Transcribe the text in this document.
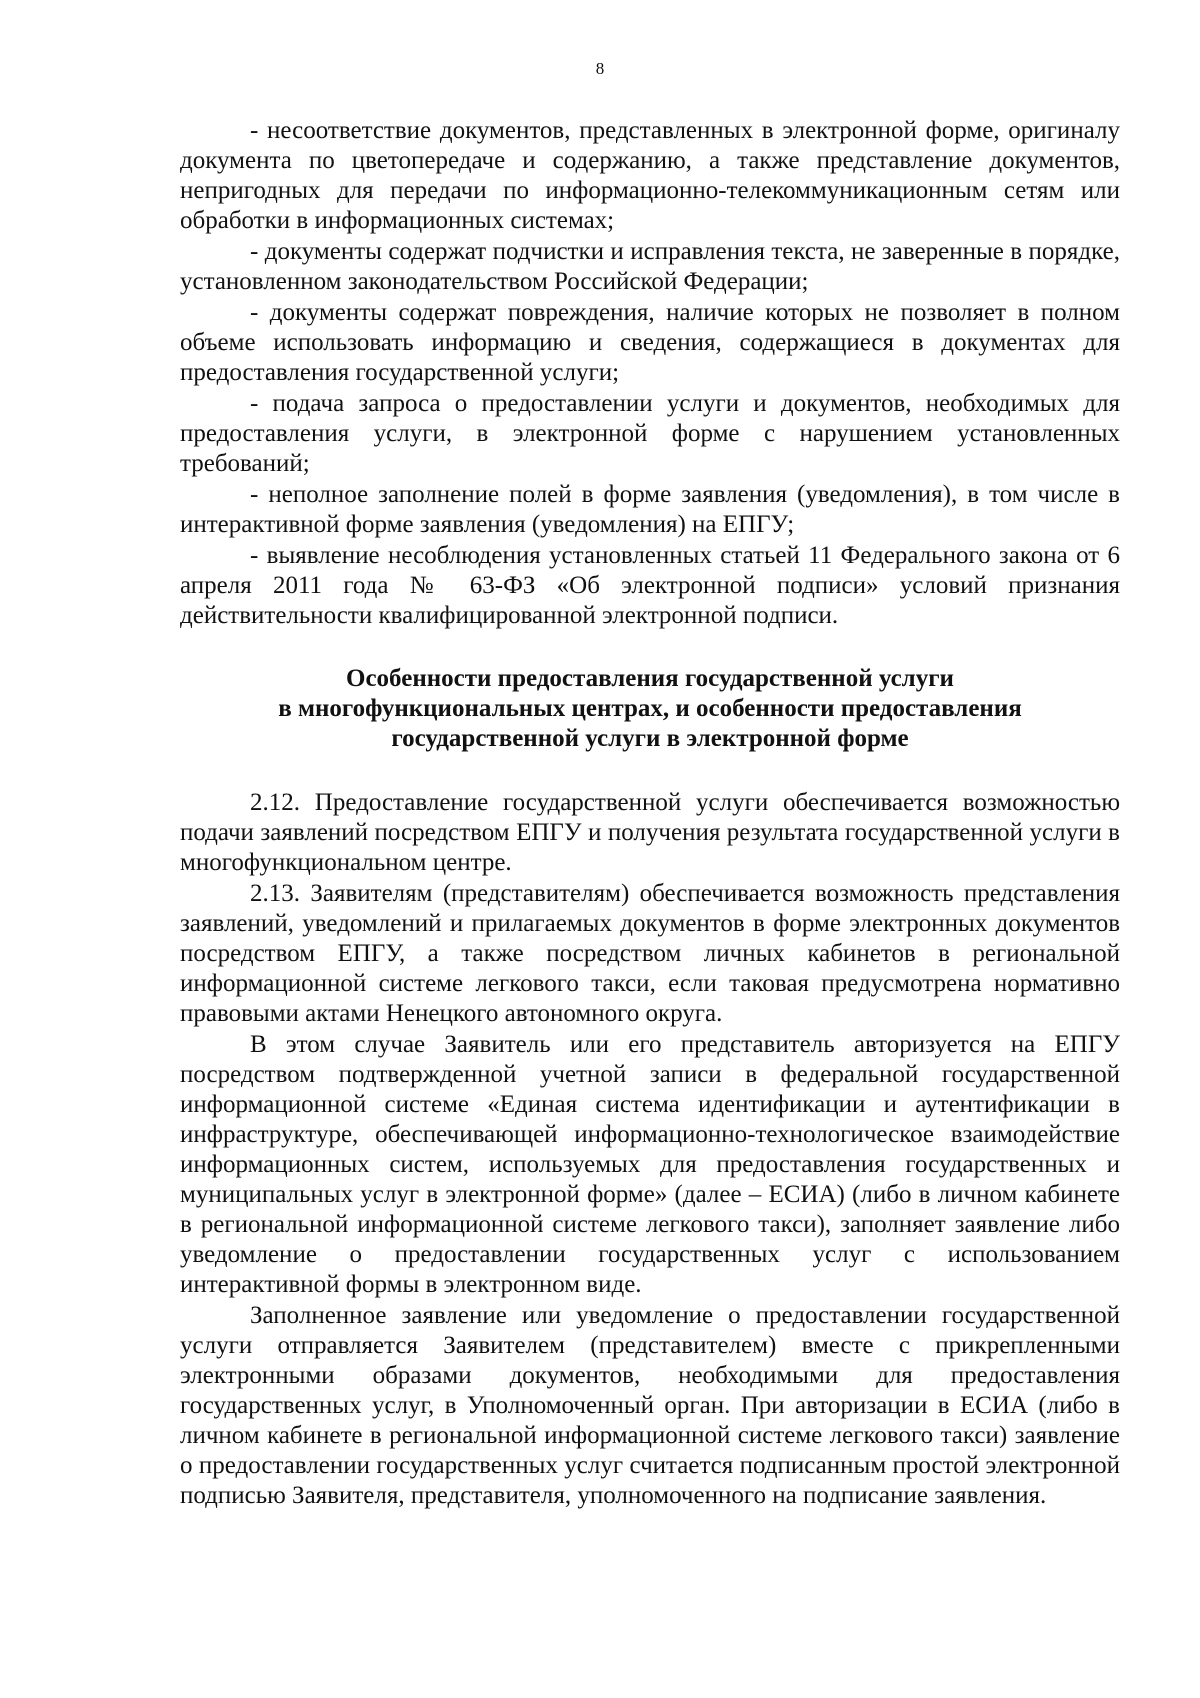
8

- несоответствие документов, представленных в электронной форме, оригиналу документа по цветопередаче и содержанию, а также представление документов, непригодных для передачи по информационно-телекоммуникационным сетям или обработки в информационных системах;

- документы содержат подчистки и исправления текста, не заверенные в порядке, установленном законодательством Российской Федерации;

- документы содержат повреждения, наличие которых не позволяет в полном объеме использовать информацию и сведения, содержащиеся в документах для предоставления государственной услуги;

- подача запроса о предоставлении услуги и документов, необходимых для предоставления услуги, в электронной форме с нарушением установленных требований;

- неполное заполнение полей в форме заявления (уведомления), в том числе в интерактивной форме заявления (уведомления) на ЕПГУ;

- выявление несоблюдения установленных статьей 11 Федерального закона от 6 апреля 2011 года № 63-ФЗ «Об электронной подписи» условий признания действительности квалифицированной электронной подписи.

Особенности предоставления государственной услуги
в многофункциональных центрах, и особенности предоставления
государственной услуги в электронной форме

2.12. Предоставление государственной услуги обеспечивается возможностью подачи заявлений посредством ЕПГУ и получения результата государственной услуги в многофункциональном центре.

2.13. Заявителям (представителям) обеспечивается возможность представления заявлений, уведомлений и прилагаемых документов в форме электронных документов посредством ЕПГУ, а также посредством личных кабинетов в региональной информационной системе легкового такси, если таковая предусмотрена нормативно правовыми актами Ненецкого автономного округа.

В этом случае Заявитель или его представитель авторизуется на ЕПГУ посредством подтвержденной учетной записи в федеральной государственной информационной системе «Единая система идентификации и аутентификации в инфраструктуре, обеспечивающей информационно-технологическое взаимодействие информационных систем, используемых для предоставления государственных и муниципальных услуг в электронной форме» (далее – ЕСИА) (либо в личном кабинете в региональной информационной системе легкового такси), заполняет заявление либо уведомление о предоставлении государственных услуг с использованием интерактивной формы в электронном виде.

Заполненное заявление или уведомление о предоставлении государственной услуги отправляется Заявителем (представителем) вместе с прикрепленными электронными образами документов, необходимыми для предоставления государственных услуг, в Уполномоченный орган. При авторизации в ЕСИА (либо в личном кабинете в региональной информационной системе легкового такси) заявление о предоставлении государственных услуг считается подписанным простой электронной подписью Заявителя, представителя, уполномоченного на подписание заявления.
